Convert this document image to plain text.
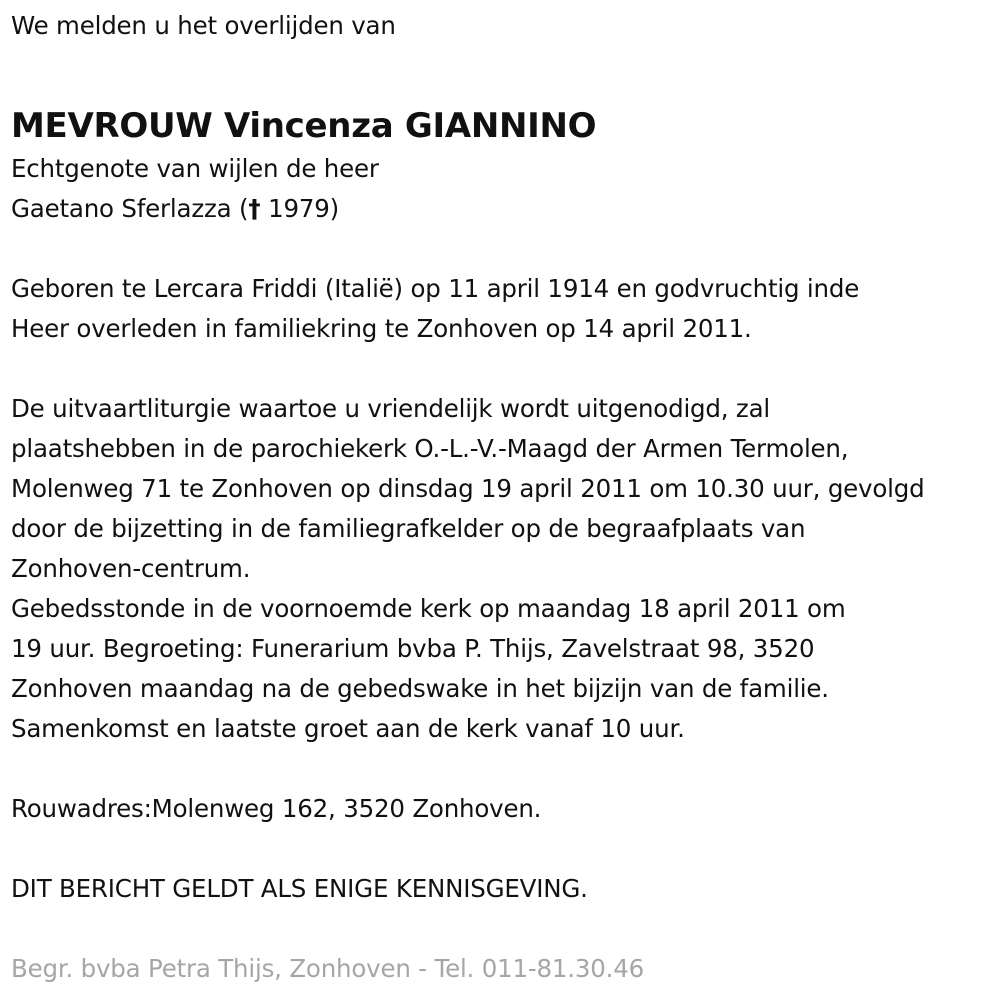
We melden u het overlijden van
MEVROUW Vincenza GIANNINO
Echtgenote van wijlen de heer
Gaetano Sferlazza († 1979)
Geboren te Lercara Friddi (Italië) op 11 april 1914 en godvruchtig inde
Heer overleden in familiekring te Zonhoven op 14 april 2011.
De uitvaartliturgie waartoe u vriendelijk wordt uitgenodigd, zal
plaatshebben in de parochiekerk O.-L.-V.-Maagd der Armen Termolen,
Molenweg 71 te Zonhoven op dinsdag 19 april 2011 om 10.30 uur, gevolgd
door de bijzetting in de familiegrafkelder op de begraafplaats van
Zonhoven-centrum.
Gebedsstonde in de voornoemde kerk op maandag 18 april 2011 om
19 uur. Begroeting: Funerarium bvba P. Thijs, Zavelstraat 98, 3520
Zonhoven maandag na de gebedswake in het bijzijn van de familie.
Samenkomst en laatste groet aan de kerk vanaf 10 uur.
Rouwadres:Molenweg 162, 3520 Zonhoven.
DIT BERICHT GELDT ALS ENIGE KENNISGEVING.
Begr. bvba Petra Thijs, Zonhoven - Tel. 011-81.30.46
